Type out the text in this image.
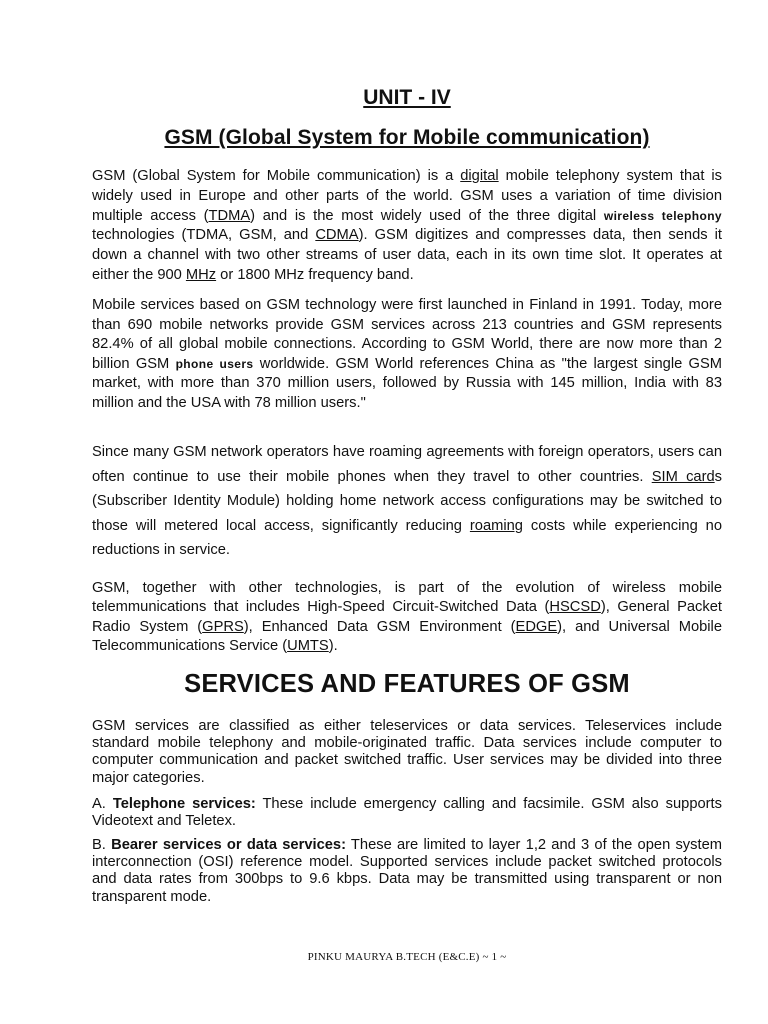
UNIT - IV
GSM (Global System for Mobile communication)

GSM (Global System for Mobile communication) is a digital mobile telephony system that is widely used in Europe and other parts of the world. GSM uses a variation of time division multiple access (TDMA) and is the most widely used of the three digital wireless telephony technologies (TDMA, GSM, and CDMA). GSM digitizes and compresses data, then sends it down a channel with two other streams of user data, each in its own time slot. It operates at either the 900 MHz or 1800 MHz frequency band.

Mobile services based on GSM technology were first launched in Finland in 1991. Today, more than 690 mobile networks provide GSM services across 213 countries and GSM represents 82.4% of all global mobile connections. According to GSM World, there are now more than 2 billion GSM phone users worldwide. GSM World references China as "the largest single GSM market, with more than 370 million users, followed by Russia with 145 million, India with 83 million and the USA with 78 million users."

Since many GSM network operators have roaming agreements with foreign operators, users can often continue to use their mobile phones when they travel to other countries. SIM cards (Subscriber Identity Module) holding home network access configurations may be switched to those will metered local access, significantly reducing roaming costs while experiencing no reductions in service.

GSM, together with other technologies, is part of the evolution of wireless mobile telemmunications that includes High-Speed Circuit-Switched Data (HSCSD), General Packet Radio System (GPRS), Enhanced Data GSM Environment (EDGE), and Universal Mobile Telecommunications Service (UMTS).

SERVICES AND FEATURES OF GSM

GSM services are classified as either teleservices or data services. Teleservices include standard mobile telephony and mobile-originated traffic. Data services include computer to computer communication and packet switched traffic. User services may be divided into three major categories.

A. Telephone services: These include emergency calling and facsimile. GSM also supports Videotext and Teletex.

B. Bearer services or data services: These are limited to layer 1,2 and 3 of the open system interconnection (OSI) reference model. Supported services include packet switched protocols and data rates from 300bps to 9.6 kbps. Data may be transmitted using transparent or non transparent mode.

PINKU MAURYA B.TECH (E&C.E) ~ 1 ~
